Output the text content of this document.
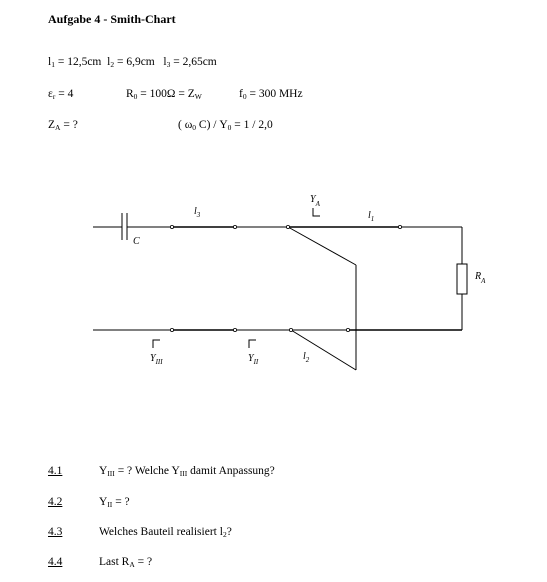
Aufgabe 4 - Smith-Chart
$l_1 = 12,5cm$ $l_2 = 6,9cm$ $l_3 = 2,65cm$
$\varepsilon_r = 4$	$R_0 = 100\Omega = Z_W$	$f_0 = 300$ MHz
$Z_A$ = ?	( $\omega_0$ $C) / Y_0 = 1 / 2,0$
C
$l_3$
$Y_A$
$l_1$
$R_A$
$Y_{III}$	$Y_{II}$	$l_2$
4.1	$Y_{III}$ = ? Welche $Y_{III}$ damit Anpassung?
4.2	$Y_{II}$ = ?
4.3	Welches Bauteil realisiert $l_2$?
4.4	Last $R_A$ = ?
